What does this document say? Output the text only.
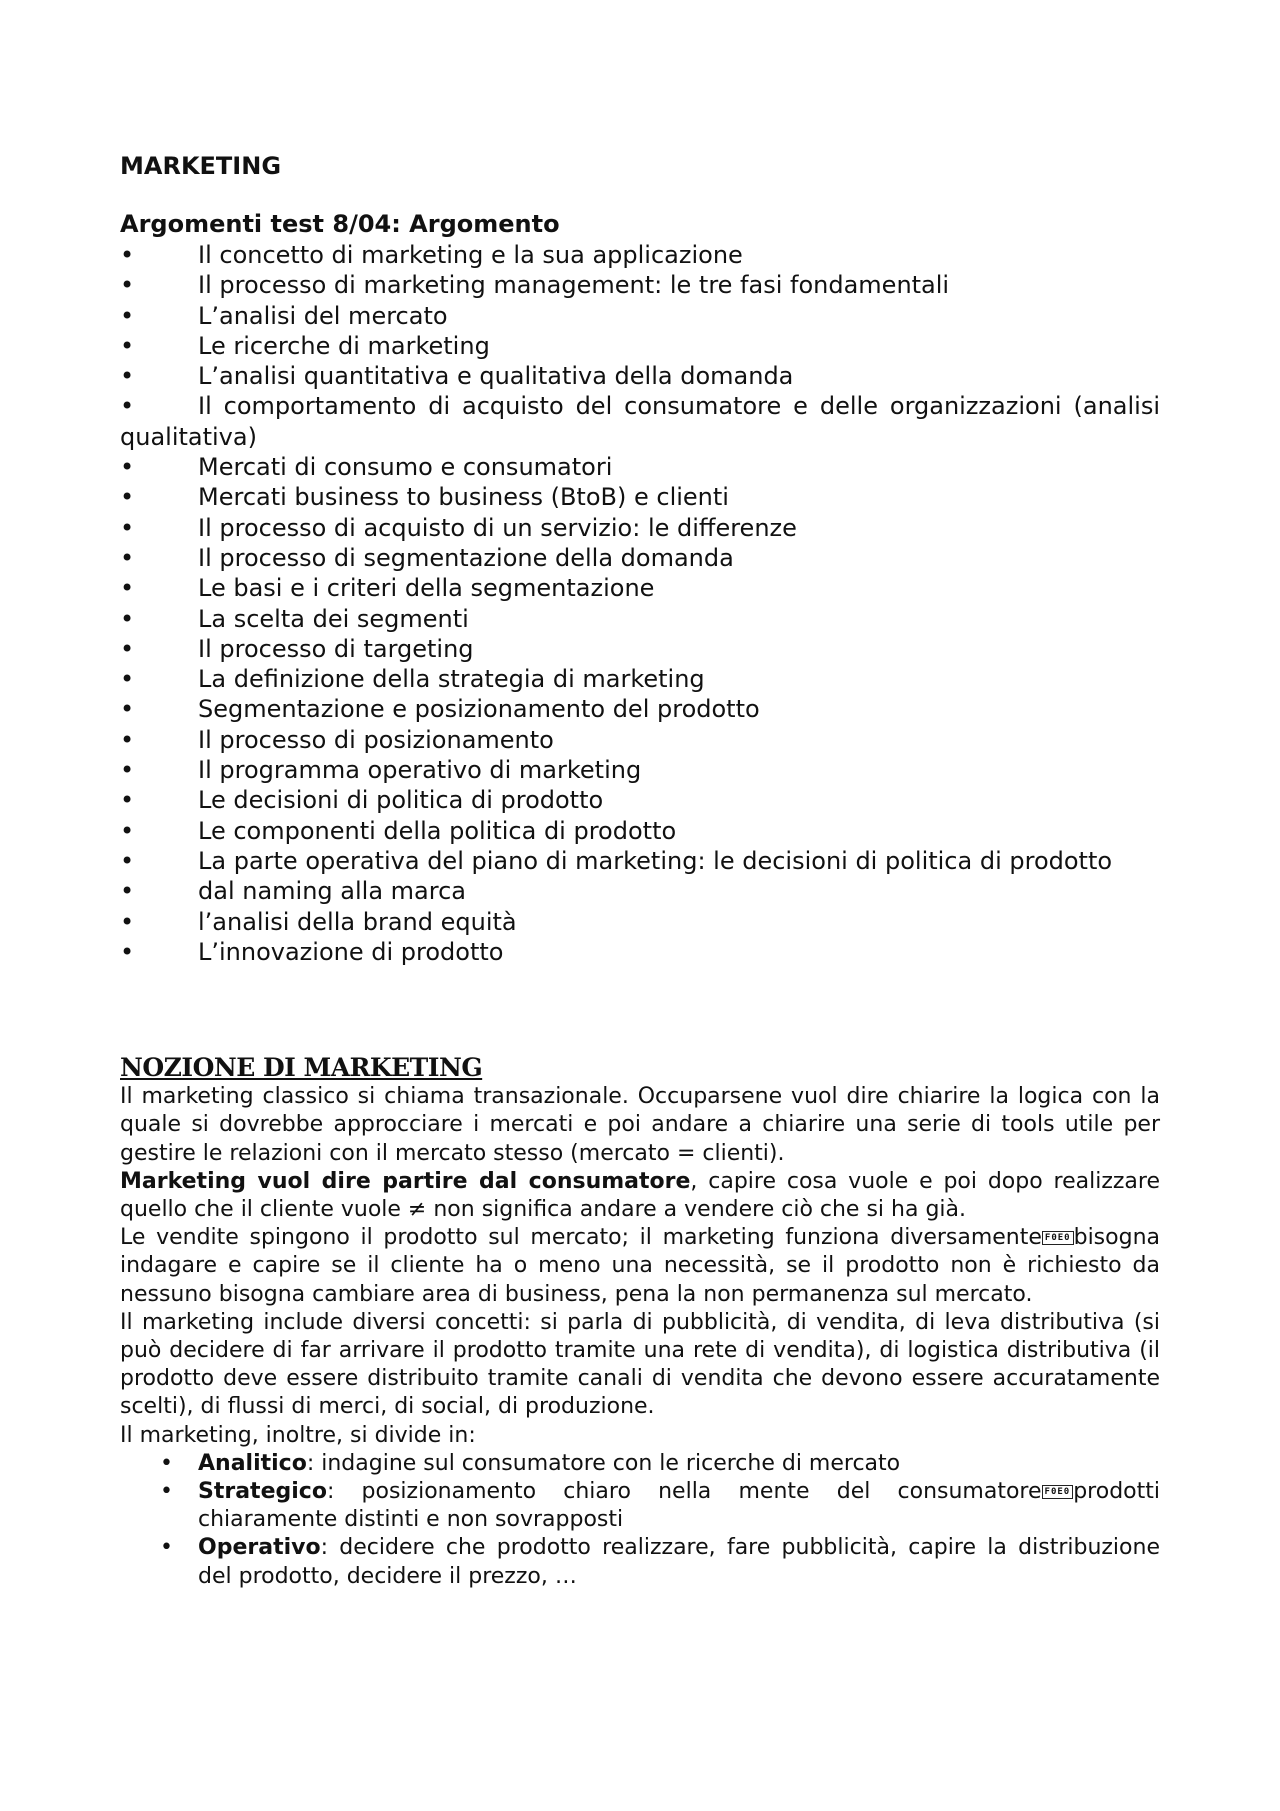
MARKETING
Argomenti test 8/04: Argomento
•	Il concetto di marketing e la sua applicazione
•	Il processo di marketing management: le tre fasi fondamentali
•	L’analisi del mercato
•	Le ricerche di marketing
•	L’analisi quantitativa e qualitativa della domanda
•	Il comportamento di acquisto del consumatore e delle organizzazioni (analisi qualitativa)
•	Mercati di consumo e consumatori
•	Mercati business to business (BtoB) e clienti
•	Il processo di acquisto di un servizio: le differenze
•	Il processo di segmentazione della domanda
•	Le basi e i criteri della segmentazione
•	La scelta dei segmenti
•	Il processo di targeting
•	La definizione della strategia di marketing
•	Segmentazione e posizionamento del prodotto
•	Il processo di posizionamento
•	Il programma operativo di marketing
•	Le decisioni di politica di prodotto
•	Le componenti della politica di prodotto
•	La parte operativa del piano di marketing: le decisioni di politica di prodotto
•	dal naming alla marca
•	l’analisi della brand equità
•	L’innovazione di prodotto
NOZIONE DI MARKETING

Il marketing classico si chiama transazionale. Occuparsene vuol dire chiarire la logica con la quale si dovrebbe approcciare i mercati e poi andare a chiarire una serie di tools utile per gestire le relazioni con il mercato stesso (mercato = clienti).

Marketing vuol dire partire dal consumatore, capire cosa vuole e poi dopo realizzare quello che il cliente vuole ≠ non significa andare a vendere ciò che si ha già.

Le vendite spingono il prodotto sul mercato; il marketing funziona diversamente F0E0 bisogna indagare e capire se il cliente ha o meno una necessità, se il prodotto non è richiesto da nessuno bisogna cambiare area di business, pena la non permanenza sul mercato.

Il marketing include diversi concetti: si parla di pubblicità, di vendita, di leva distributiva (si può decidere di far arrivare il prodotto tramite una rete di vendita), di logistica distributiva (il prodotto deve essere distribuito tramite canali di vendita che devono essere accuratamente scelti), di flussi di merci, di social, di produzione.

Il marketing, inoltre, si divide in:

• Analitico: indagine sul consumatore con le ricerche di mercato
• Strategico: posizionamento chiaro nella mente del consumatore F0E0 prodotti chiaramente distinti e non sovrapposti
• Operativo: decidere che prodotto realizzare, fare pubblicità, capire la distribuzione del prodotto, decidere il prezzo, …
